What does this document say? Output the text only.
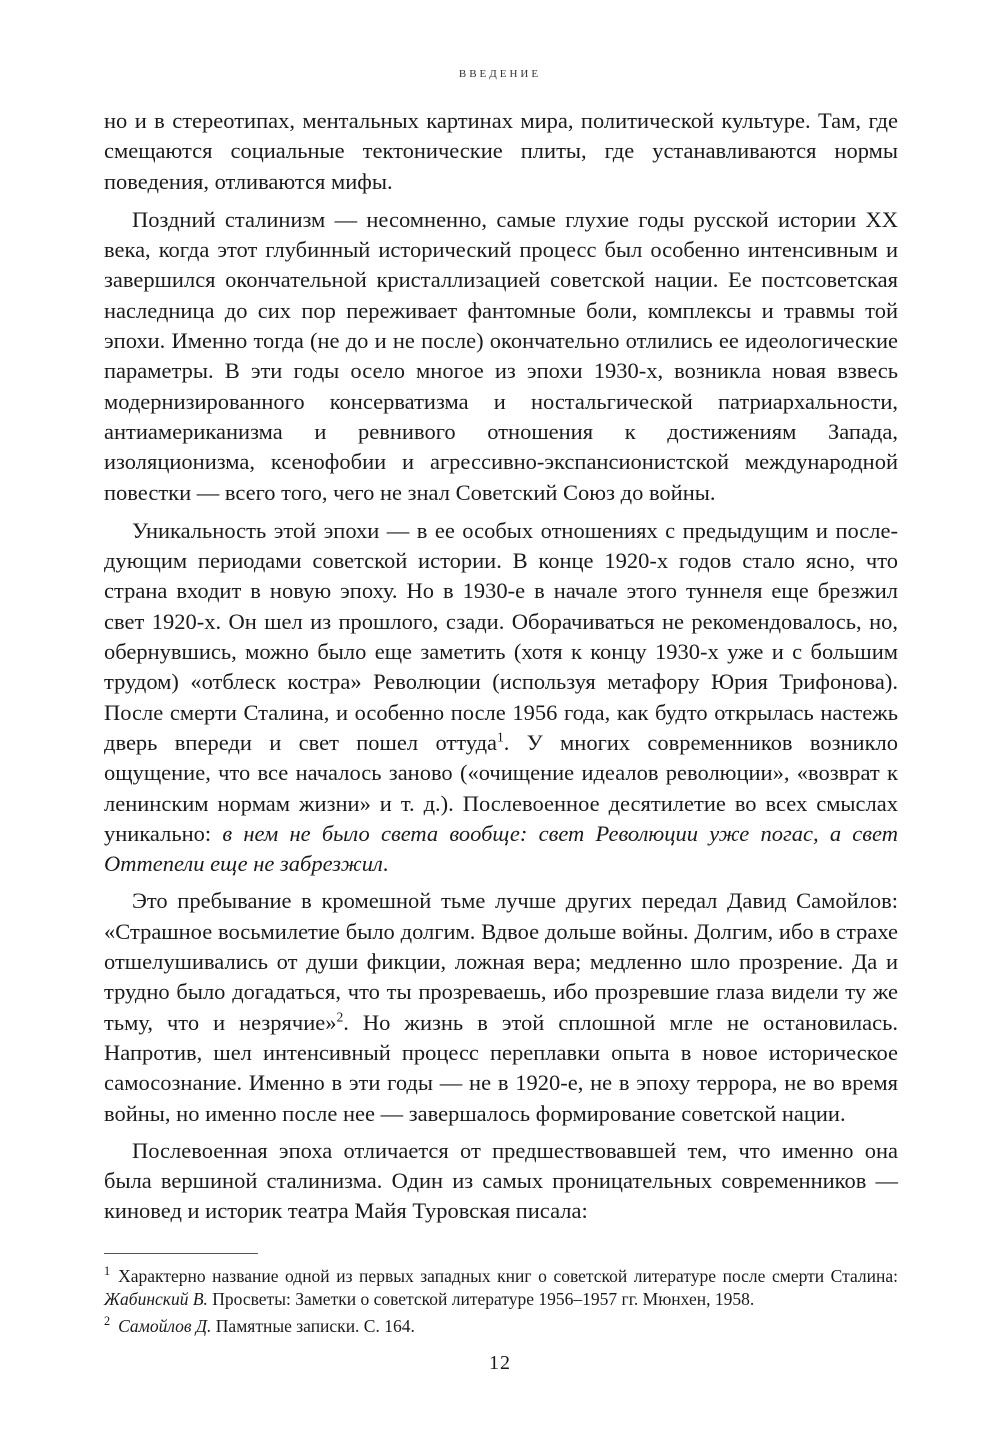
ВВЕДЕНИЕ

но и в стереотипах, ментальных картинах мира, политической культуре. Там, где смещаются социальные тектонические плиты, где устанавливаются нормы поведения, отливаются мифы.

Поздний сталинизм — несомненно, самые глухие годы русской истории XX века, когда этот глубинный исторический процесс был особенно интенсивным и завершился окончательной кристаллизацией советской нации. Ее постсоветская наследница до сих пор переживает фантомные боли, комплексы и травмы той эпохи. Именно тогда (не до и не после) окончательно отлились ее идеологические параметры. В эти годы осело многое из эпохи 1930-х, возникла новая взвесь модернизированного консерватизма и ностальгической патриархальности, антиамериканизма и ревнивого отношения к достижениям Запада, изоляционизма, ксенофобии и агрессивно-экспансионистской международной повестки — всего того, чего не знал Советский Союз до войны.

Уникальность этой эпохи — в ее особых отношениях с предыдущим и последующим периодами советской истории. В конце 1920-х годов стало ясно, что страна входит в новую эпоху. Но в 1930-е в начале этого туннеля еще брезжил свет 1920-х. Он шел из прошлого, сзади. Оборачиваться не рекомендовалось, но, обернувшись, можно было еще заметить (хотя к концу 1930-х уже и с большим трудом) «отблеск костра» Революции (используя метафору Юрия Трифонова). После смерти Сталина, и особенно после 1956 года, как будто открылась настежь дверь впереди и свет пошел оттуда$^1$. У многих современников возникло ощущение, что все началось заново («очищение идеалов революции», «возврат к ленинским нормам жизни» и т. д.). Послевоенное десятилетие во всех смыслах уникально: в нем не было света вообще: свет Революции уже погас, а свет Оттепели еще не забрезжил.

Это пребывание в кромешной тьме лучше других передал Давид Самойлов: «Страшное восьмилетие было долгим. Вдвое дольше войны. Долгим, ибо в страхе отшелушивались от души фикции, ложная вера; медленно шло прозрение. Да и трудно было догадаться, что ты прозреваешь, ибо прозревшие глаза видели ту же тьму, что и незрячие»$^2$. Но жизнь в этой сплошной мгле не остановилась. Напротив, шел интенсивный процесс переплавки опыта в новое историческое самосознание. Именно в эти годы — не в 1920-е, не в эпоху террора, не во время войны, но именно после нее — завершалось формирование советской нации.

Послевоенная эпоха отличается от предшествовавшей тем, что именно она была вершиной сталинизма. Один из самых проницательных современников — киновед и историк театра Майя Туровская писала:

$^1$ Характерно название одной из первых западных книг о советской литературе после смерти Сталина: Жабинский В. Просветы: Заметки о советской литературе 1956–1957 гг. Мюнхен, 1958.

$^2$ Самойлов Д. Памятные записки. С. 164.

12
